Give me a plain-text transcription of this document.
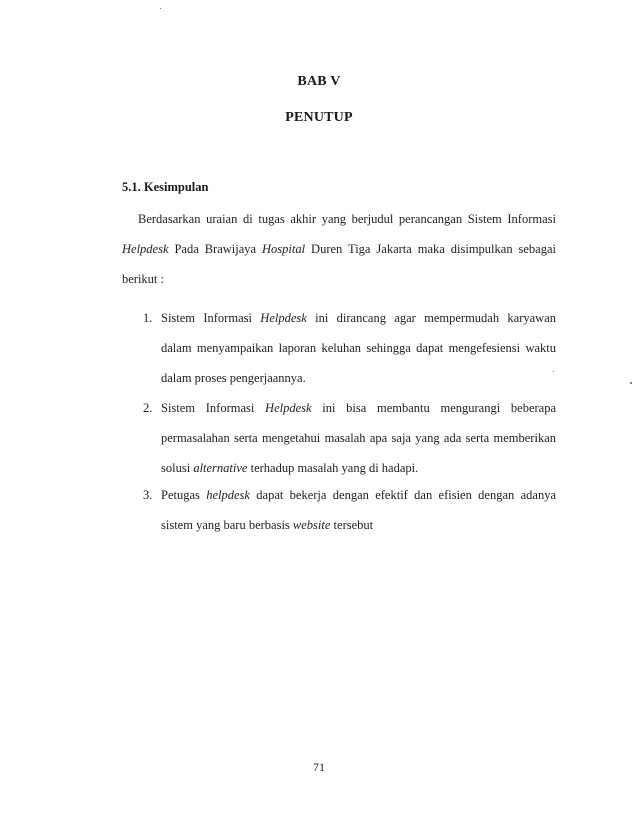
BAB V
PENUTUP
5.1. Kesimpulan
Berdasarkan uraian di tugas akhir yang berjudul perancangan Sistem Informasi
Helpdesk Pada Brawijaya Hospital Duren Tiga Jakarta maka disimpulkan sebagai
berikut :
1. Sistem Informasi Helpdesk ini dirancang agar mempermudah karyawan
dalam menyampaikan laporan keluhan sehingga dapat mengefesiensi waktu
dalam proses pengerjaannya.
2. Sistem Informasi Helpdesk ini bisa membantu mengurangi beberapa
permasalahan serta mengetahui masalah apa saja yang ada serta memberikan
solusi alternative terhadup masalah yang di hadapi.
3. Petugas helpdesk dapat bekerja dengan efektif dan efisien dengan adanya
sistem yang baru berbasis website tersebut
71
